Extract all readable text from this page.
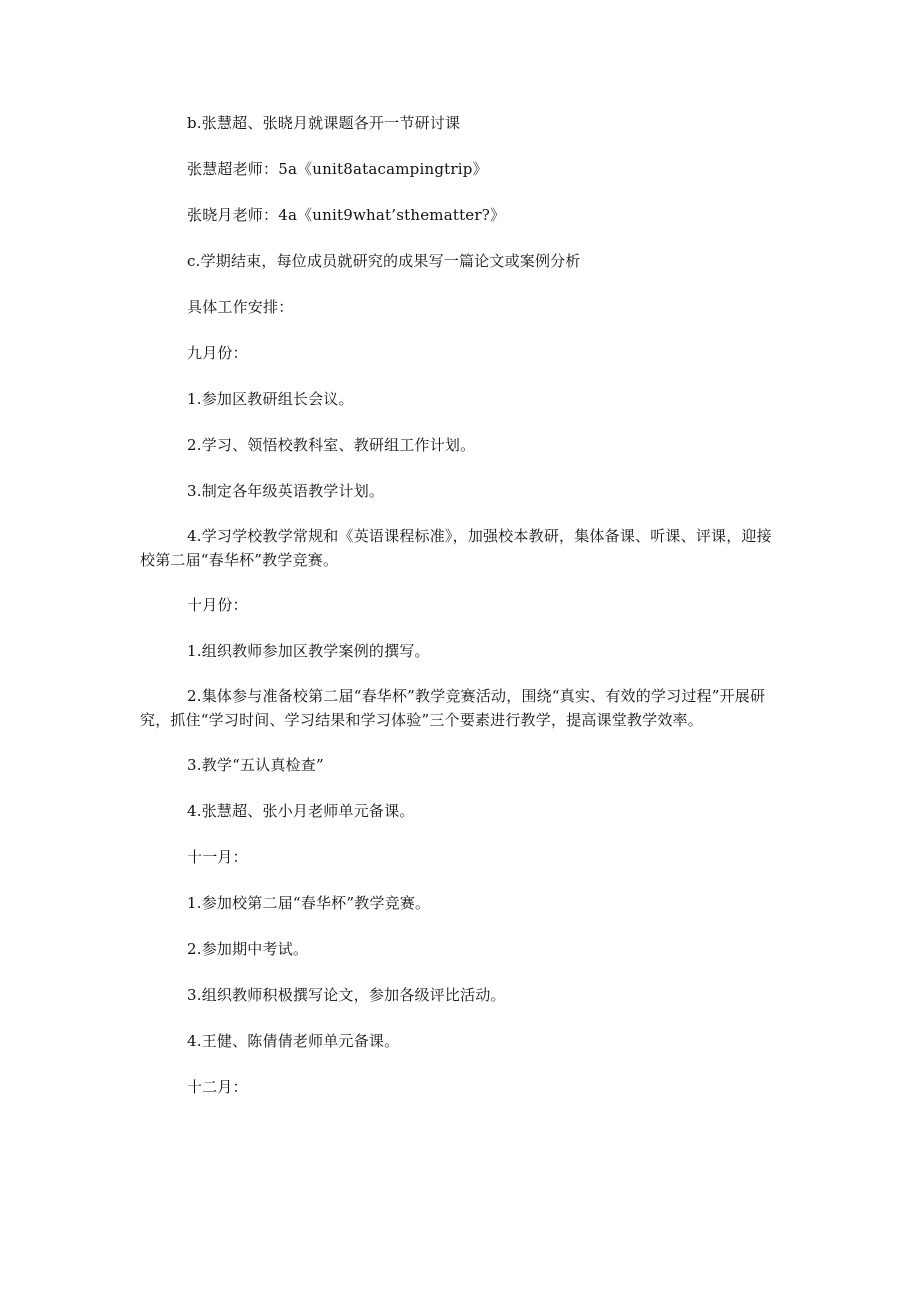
b.张慧超、张晓月就课题各开一节研讨课

张慧超老师：5a《unit8atacampingtrip》

张晓月老师：4a《unit9what’sthematter?》

c.学期结束，每位成员就研究的成果写一篇论文或案例分析

具体工作安排：

九月份：

1.参加区教研组长会议。

2.学习、领悟校教科室、教研组工作计划。

3.制定各年级英语教学计划。

4.学习学校教学常规和《英语课程标准》，加强校本教研，集体备课、听课、评课，迎接校第二届“春华杯”教学竞赛。

十月份：

1.组织教师参加区教学案例的撰写。

2.集体参与准备校第二届“春华杯”教学竞赛活动，围绕“真实、有效的学习过程”开展研究，抓住“学习时间、学习结果和学习体验”三个要素进行教学，提高课堂教学效率。

3.教学“五认真检查”

4.张慧超、张小月老师单元备课。

十一月：

1.参加校第二届“春华杯”教学竞赛。

2.参加期中考试。

3.组织教师积极撰写论文，参加各级评比活动。

4.王健、陈倩倩老师单元备课。

十二月：
